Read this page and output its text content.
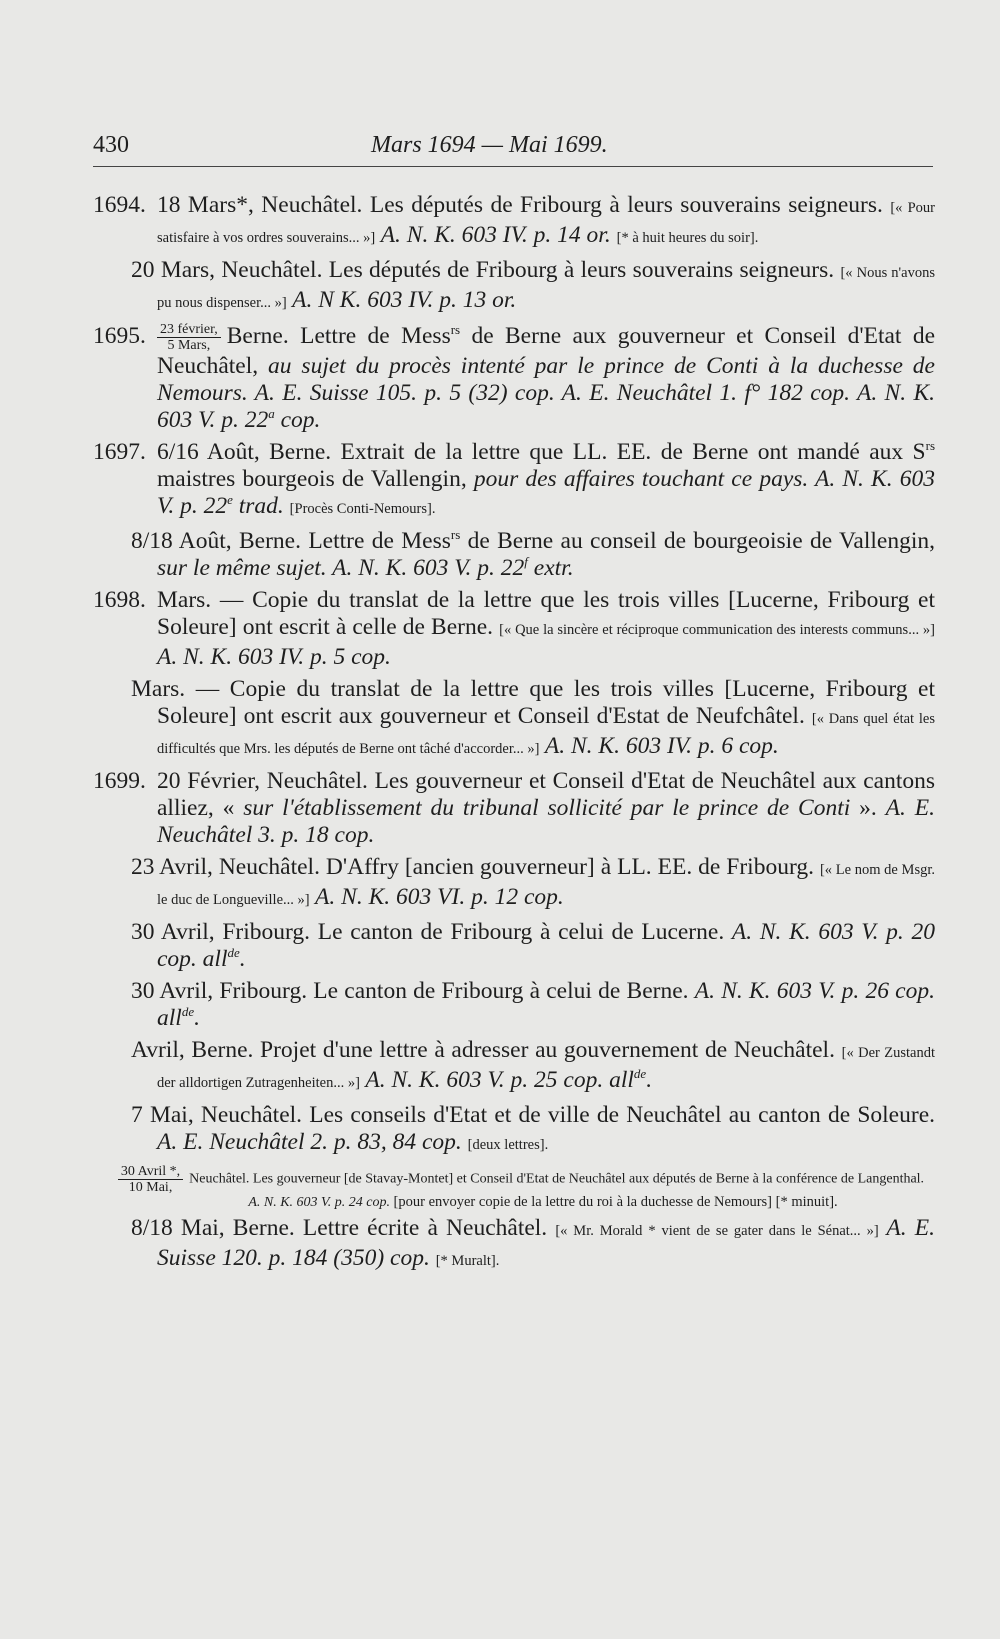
430	Mars 1694 — Mai 1699.

1694. 18 Mars*, Neuchâtel. Les députés de Fribourg à leurs souverains seigneurs. [« Pour satisfaire à vos ordres souverains... »] A. N. K. 603 IV. p. 14 or. [* à huit heures du soir].

20 Mars, Neuchâtel. Les députés de Fribourg à leurs souverains seigneurs. [« Nous n'avons pu nous dispenser... »] A. N K. 603 IV. p. 13 or.

1695. $\frac{\text{23 février,}}{\text{5 Mars,}}$ Berne. Lettre de Mess$^{rs}$ de Berne aux gouverneur et Conseil d'Etat de Neuchâtel, au sujet du procès intenté par le prince de Conti à la duchesse de Nemours. A. E. Suisse 105. p. 5 (32) cop. A. E. Neuchâtel 1. f° 182 cop. A. N. K. 603 V. p. 22$^a$ cop.

1697. 6/16 Août, Berne. Extrait de la lettre que LL. EE. de Berne ont mandé aux $S^{rs}$ maistres bourgeois de Vallengin, pour des affaires touchant ce pays. A. N. K. 603 V. p. 22e trad. [Procès Conti-Nemours].

8/18 Août, Berne. Lettre de Mess$^{rs}$ de Berne au conseil de bourgeoisie de Vallengin, sur le même sujet. A. N. K. 603 V. p. 22$^f$ extr.

1698. Mars. — Copie du translat de la lettre que les trois villes [Lucerne, Fribourg et Soleure] ont escrit à celle de Berne. [« Que la sincère et réciproque communication des interests communs... »] A. N. K. 603 IV. p. 5 cop.

Mars. — Copie du translat de la lettre que les trois villes [Lucerne, Fribourg et Soleure] ont escrit aux gouverneur et Conseil d'Estat de Neufchâtel. [« Dans quel état les difficultés que Mrs. les députés de Berne ont tâché d'accorder... »] A. N. K. 603 IV. p. 6 cop.

1699. 20 Février, Neuchâtel. Les gouverneur et Conseil d'Etat de Neuchâtel aux cantons alliez, « sur l'établissement du tribunal sollicité par le prince de Conti ». A. E. Neuchâtel 3. p. 18 cop.

23 Avril, Neuchâtel. D'Affry [ancien gouverneur] à LL. EE. de Fribourg. [« Le nom de Msgr. le duc de Longueville... »] A. N. K. 603 VI. p. 12 cop.

30 Avril, Fribourg. Le canton de Fribourg à celui de Lucerne. A. N. K. 603 V. p. 20 cop. all$^{de}$.

30 Avril, Fribourg. Le canton de Fribourg à celui de Berne. A. N. K. 603 V. p. 26 cop. all$^{de}$.

Avril, Berne. Projet d'une lettre à adresser au gouvernement de Neuchâtel. [« Der Zustandt der alldortigen Zutragenheiten... »] A. N. K. 603 V. p. 25 cop. all$^{de}$.

7 Mai, Neuchâtel. Les conseils d'Etat et de ville de Neuchâtel au canton de Soleure. A. E. Neuchâtel 2. p. 83, 84 cop. [deux lettres].

$\frac{\text{30 Avril *,}}{\text{10 Mai,}}$ Neuchâtel. Les gouverneur [de Stavay-Montet] et Conseil d'Etat de Neuchâtel aux députés de Berne à la conférence de Langenthal. A. N. K. 603 V. p. 24 cop. [pour envoyer copie de la lettre du roi à la duchesse de Nemours] [* minuit].

8/18 Mai, Berne. Lettre écrite à Neuchâtel. [« Mr. Morald * vient de se gater dans le Sénat... »] A. E. Suisse 120. p. 184 (350) cop. [* Muralt].
